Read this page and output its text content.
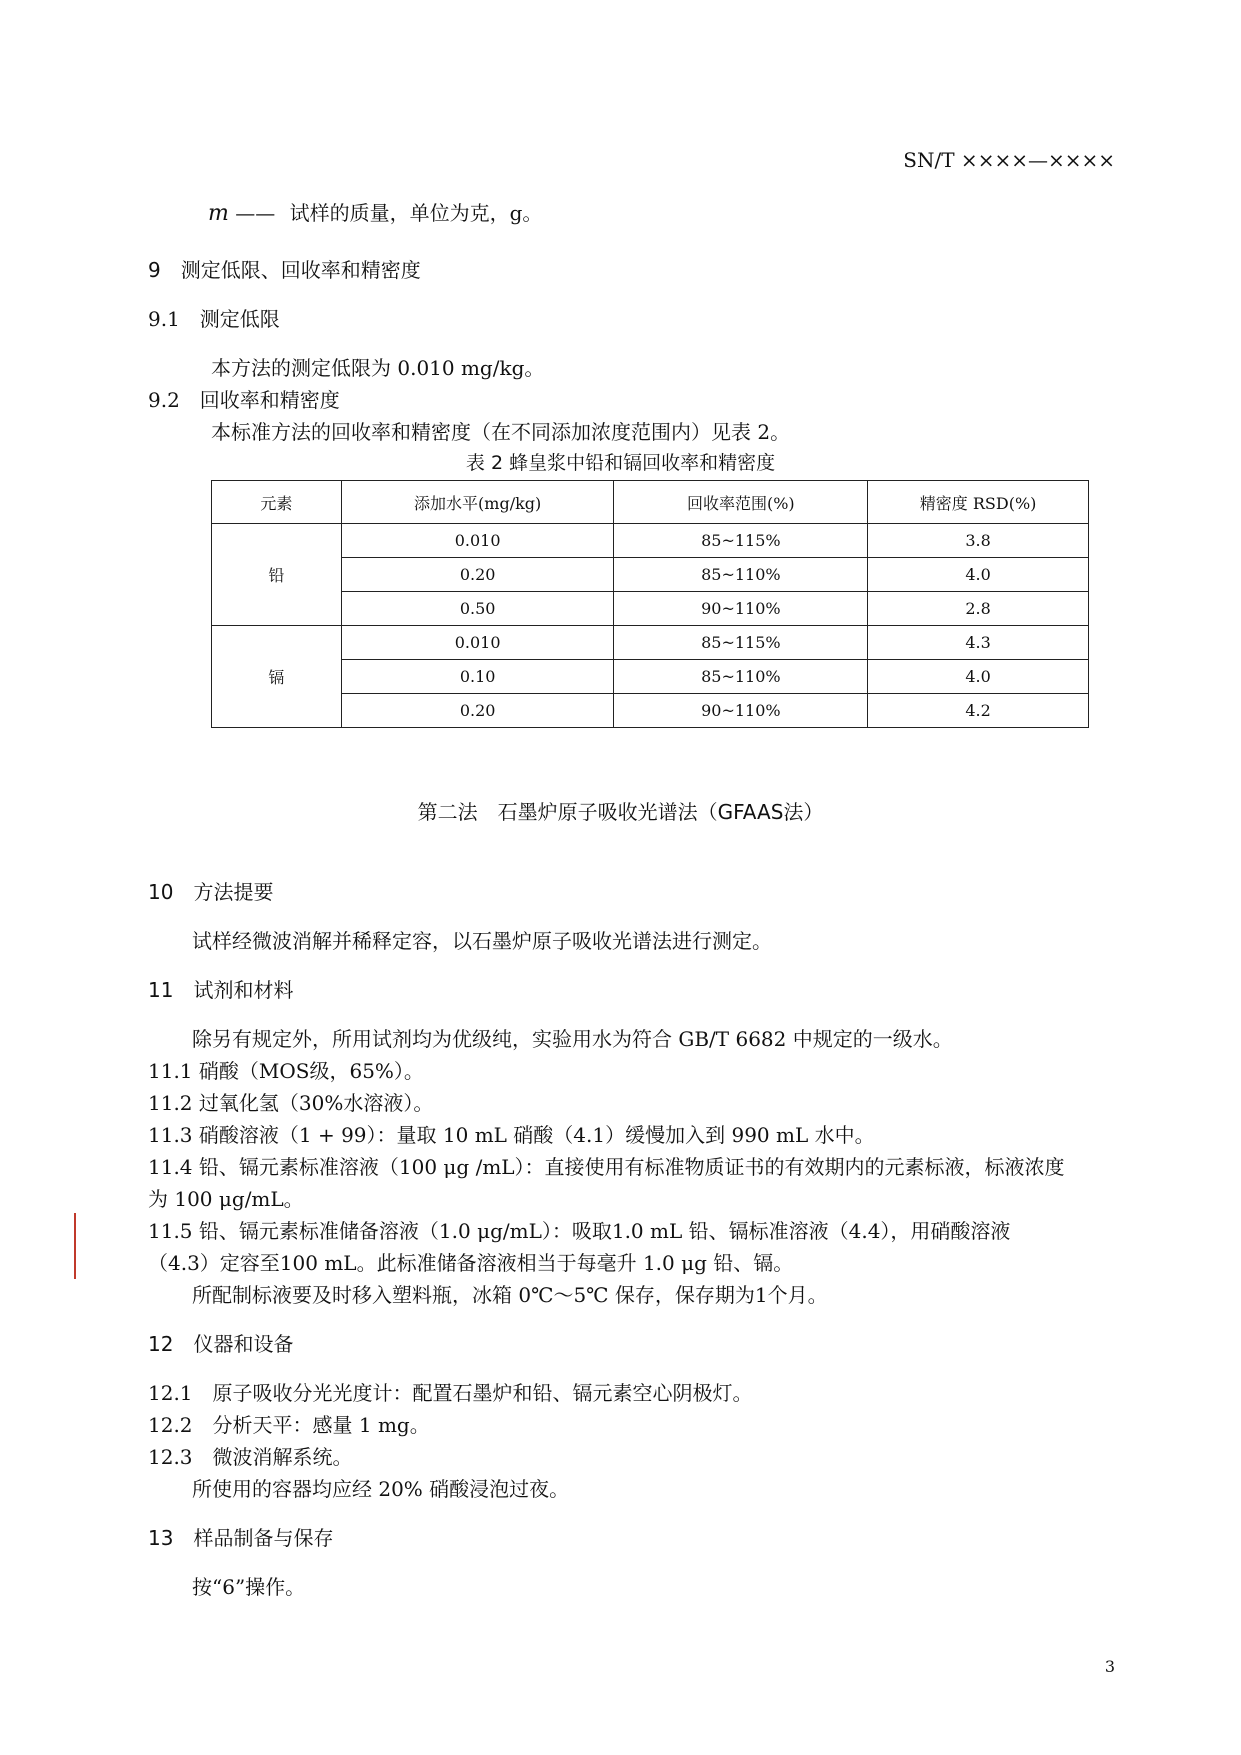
SN/T ××××—××××
m —— 试样的质量，单位为克，g。
9　测定低限、回收率和精密度
9.1　测定低限
本方法的测定低限为 0.010 mg/kg。
9.2　回收率和精密度
本标准方法的回收率和精密度（在不同添加浓度范围内）见表 2。
表 2 蜂皇浆中铅和镉回收率和精密度
元素	添加水平(mg/kg)	回收率范围(%)	精密度 RSD(%)
铅	0.010	85~115%	3.8
	0.20	85~110%	4.0
	0.50	90~110%	2.8
镉	0.010	85~115%	4.3
	0.10	85~110%	4.0
	0.20	90~110%	4.2
第二法　石墨炉原子吸收光谱法（GFAAS法）
10　方法提要
试样经微波消解并稀释定容，以石墨炉原子吸收光谱法进行测定。
11　试剂和材料
除另有规定外，所用试剂均为优级纯，实验用水为符合 GB/T 6682 中规定的一级水。
11.1 硝酸（MOS级，65%）。
11.2 过氧化氢（30%水溶液）。
11.3 硝酸溶液（1 + 99）：量取 10 mL 硝酸（4.1）缓慢加入到 990 mL 水中。
11.4 铅、镉元素标准溶液（100 μg /mL）：直接使用有标准物质证书的有效期内的元素标液，标液浓度
为 100 μg/mL。
11.5 铅、镉元素标准储备溶液（1.0 μg/mL）：吸取1.0 mL 铅、镉标准溶液（4.4），用硝酸溶液
（4.3）定容至100 mL。此标准储备溶液相当于每毫升 1.0 μg 铅、镉。
所配制标液要及时移入塑料瓶，冰箱 0℃～5℃ 保存，保存期为1个月。
12　仪器和设备
12.1　原子吸收分光光度计：配置石墨炉和铅、镉元素空心阴极灯。
12.2　分析天平：感量 1 mg。
12.3　微波消解系统。
所使用的容器均应经 20% 硝酸浸泡过夜。
13　样品制备与保存
按“6”操作。
3
